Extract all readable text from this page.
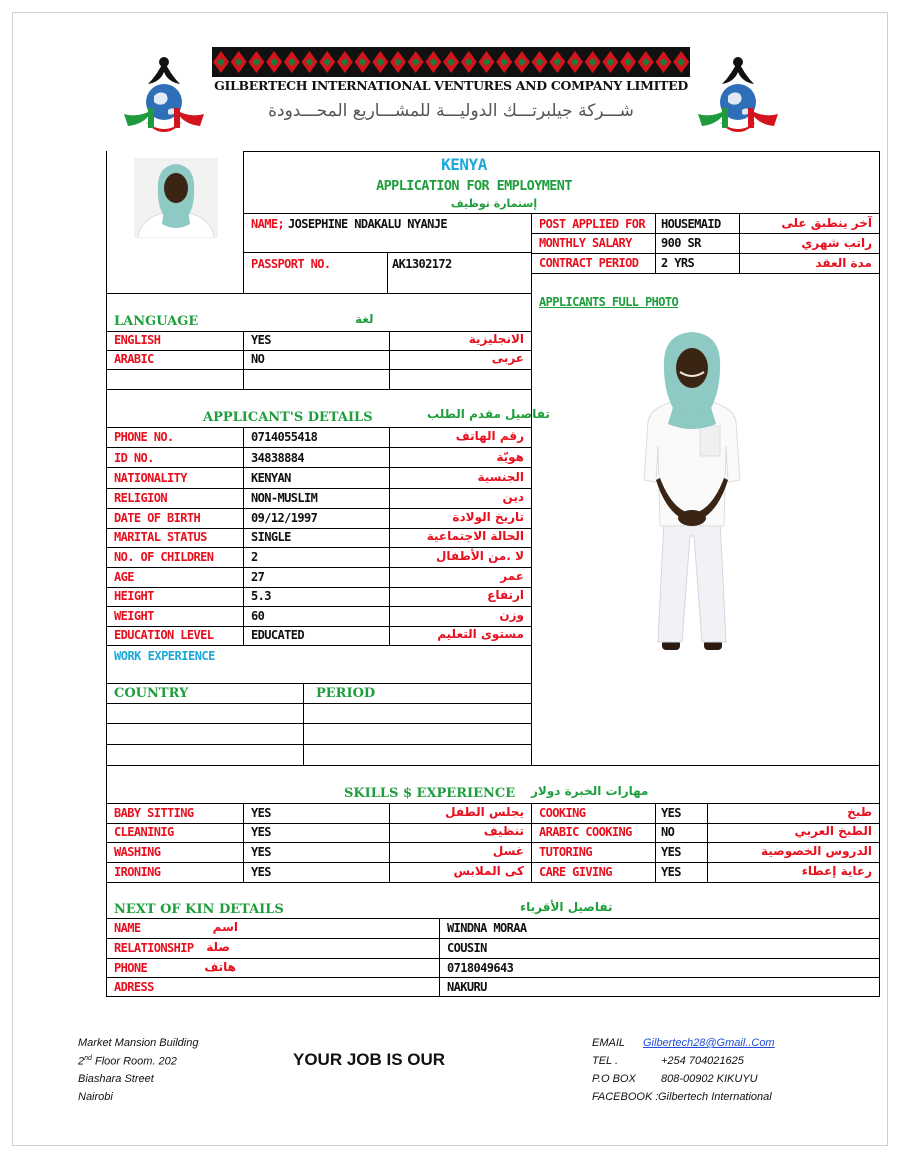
GILBERTECH INTERNATIONAL VENTURES AND COMPANY LIMITED
شـــركة جيلبرتـــك الدوليـــة للمشـــاريع المحـــدودة
KENYA
APPLICATION FOR EMPLOYMENT
إستمارة توظيف
NAME; JOSEPHINE NDAKALU NYANJE
PASSPORT NO.	AK1302172
POST APPLIED FOR HOUSEMAID	آخر ينطبق على
MONTHLY SALARY 900 SR	راتب شهري
CONTRACT PERIOD 2 YRS	مدة العقد
APPLICANTS FULL PHOTO
LANGUAGE	لغة
ENGLISH	YES	الانجليزية
ARABIC	NO	عربى
APPLICANT'S DETAILS	تفاصيل مقدم الطلب
PHONE NO.	0714055418	رقم الهاتف
ID NO.	34838884	هويّة
NATIONALITY	KENYAN	الجنسية
RELIGION	NON-MUSLIM	دين
DATE OF BIRTH	09/12/1997	تاريخ الولادة
MARITAL STATUS	SINGLE	الحالة الاجتماعية
NO. OF CHILDREN	2	لا .من الأطفال
AGE	27	عمر
HEIGHT	5.3	ارتفاع
WEIGHT	60	وزن
EDUCATION LEVEL	EDUCATED	مستوى التعليم
WORK EXPERIENCE
COUNTRY	PERIOD
SKILLS $ EXPERIENCE مهارات الخبرة دولار
BABY SITTING	YES	يجلس الطفل COOKING	YES	طبخ
CLEANINIG	YES	تنظيف ARABIC COOKING NO	الطبخ العربي
WASHING	YES	غسل TUTORING	YES	الدروس الخصوصية
IRONING	YES	كى الملابس CARE GIVING	YES	رعاية إعطاء
NEXT OF KIN DETAILS	تفاصيل الأقرباء
NAME	اسم	WINDNA MORAA
RELATIONSHIP صلة	COUSIN
PHONE	هاتف	0718049643
ADRESS	NAKURU
Market Mansion Building
2nd Floor Room. 202
Biashara Street
Nairobi
YOUR JOB IS OUR
EMAIL Gilbertech28@Gmail..Com
TEL .	+254 704021625
P.O BOX 808-00902 KIKUYU
FACEBOOK : Gilbertech International
